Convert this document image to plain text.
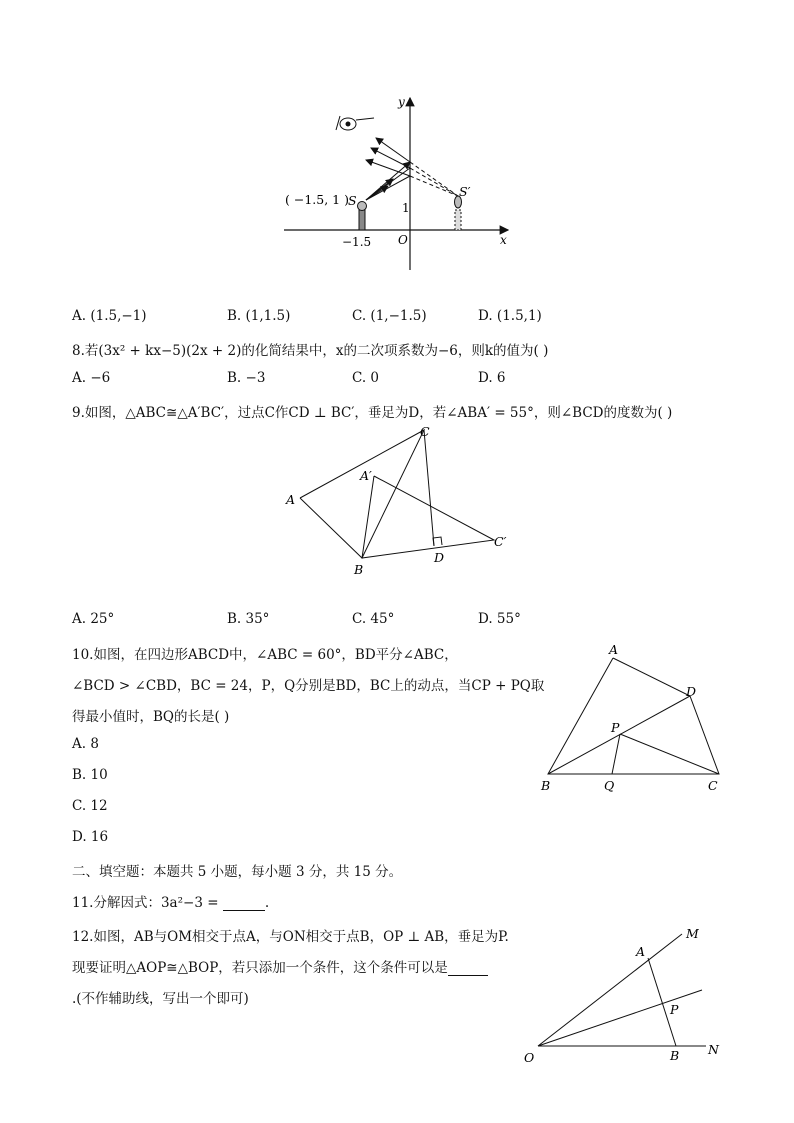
y
x
O
−1.5
1
( −1.5, 1 ) S
S′
A. (1.5,−1)	B. (1,1.5)	C. (1,−1.5)	D. (1.5,1)
8.若(3x² + kx−5)(2x + 2)的化简结果中，x的二次项系数为−6，则k的值为( )
A. −6	B. −3	C. 0	D. 6
9.如图，△ABC≅△A′BC′，过点C作CD ⊥ BC′，垂足为D，若∠ABA′ = 55°，则∠BCD的度数为( )
A
A′
B
C
C′
D
A. 25°	B. 35°	C. 45°	D. 55°
10.如图，在四边形ABCD中，∠ABC = 60°，BD平分∠ABC，
∠BCD > ∠CBD，BC = 24，P，Q分别是BD，BC上的动点，当CP + PQ取
得最小值时，BQ的长是( )
A. 8
B. 10
C. 12
D. 16
A
D
P
B	Q	C
二、填空题：本题共 5 小题，每小题 3 分，共 15 分。
11.分解因式：3a²−3 =	.
12.如图，AB与OM相交于点A，与ON相交于点B，OP ⊥ AB，垂足为P.
现要证明△AOP≅△BOP，若只添加一个条件，这个条件可以是
.(不作辅助线，写出一个即可)
M
A
P
O	B N
